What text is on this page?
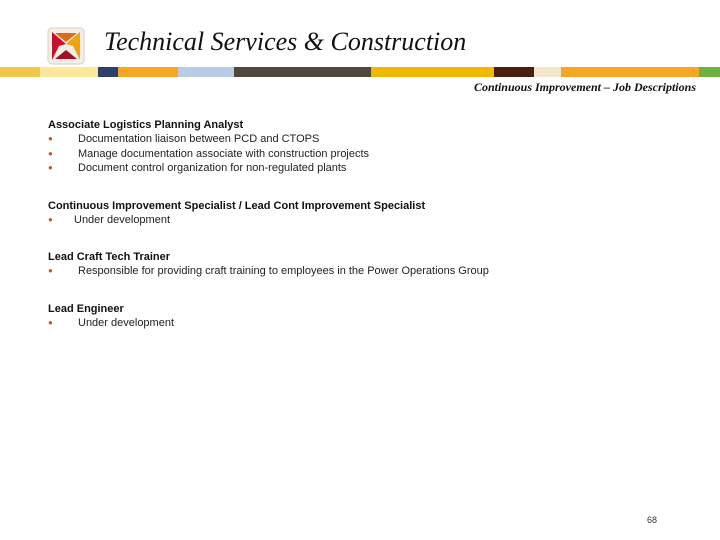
Technical Services & Construction
Continuous Improvement – Job Descriptions
Associate Logistics Planning Analyst
●	Documentation liaison between PCD and CTOPS
●	Manage documentation associate with construction projects
●	Document control organization for non-regulated plants
Continuous Improvement Specialist / Lead Cont Improvement Specialist
●	Under development
Lead Craft Tech Trainer
●	Responsible for providing craft training to employees in the Power Operations Group
Lead Engineer
●	Under development
68
